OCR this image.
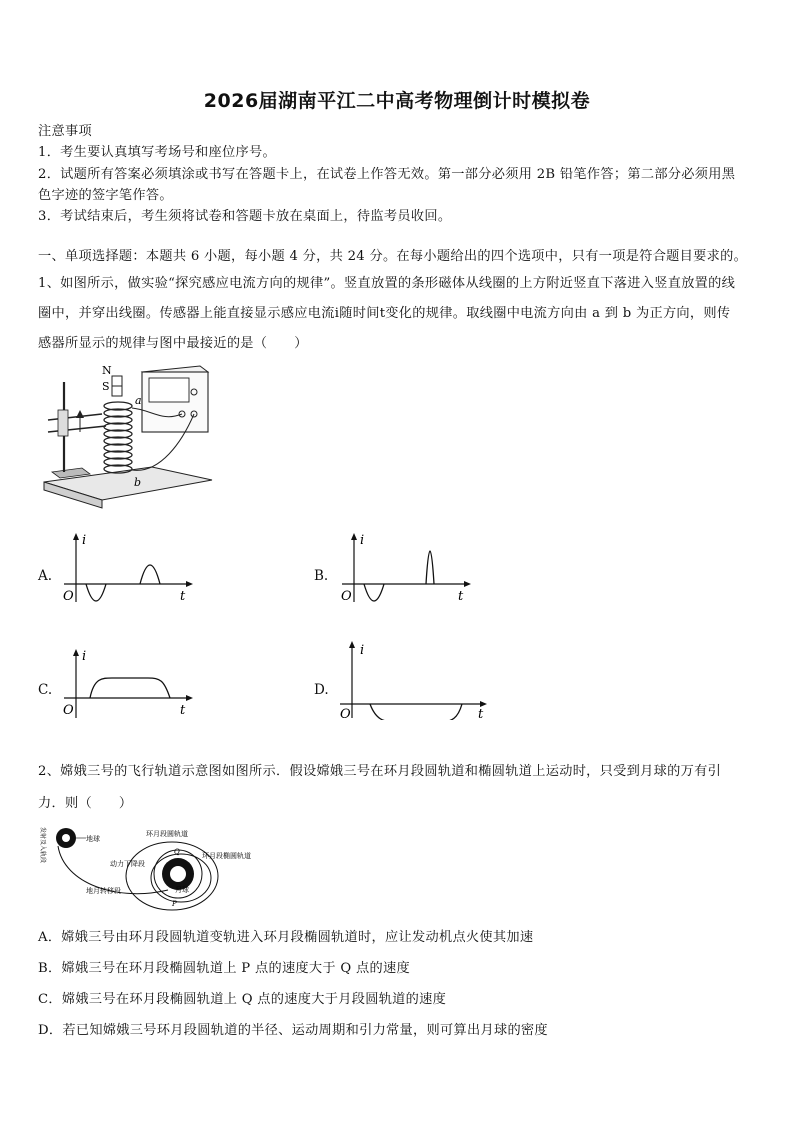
2026届湖南平江二中高考物理倒计时模拟卷
注意事项
1．考生要认真填写考场号和座位序号。
2．试题所有答案必须填涂或书写在答题卡上，在试卷上作答无效。第一部分必须用 2B 铅笔作答；第二部分必须用黑
色字迹的签字笔作答。
3．考试结束后，考生须将试卷和答题卡放在桌面上，待监考员收回。
一、单项选择题：本题共 6 小题，每小题 4 分，共 24 分。在每小题给出的四个选项中，只有一项是符合题目要求的。
1、如图所示，做实验“探究感应电流方向的规律”。竖直放置的条形磁体从线圈的上方附近竖直下落进入竖直放置的线
圈中，并穿出线圈。传感器上能直接显示感应电流i随时间t变化的规律。取线圈中电流方向由 a 到 b 为正方向，则传
感器所显示的规律与图中最接近的是（　　）
N
S
a
b
A.
i
t
O
B.
i
t
O
C.
i
t
O
D.
i
t
O
2、嫦娥三号的飞行轨道示意图如图所示．假设嫦娥三号在环月段圆轨道和椭圆轨道上运动时，只受到月球的万有引
力．则（　　）
发射及入轨段	地球
环月段圆轨道
环月段椭圆轨道
动力下降段
地月转移段	月球
Q
P
A．嫦娥三号由环月段圆轨道变轨进入环月段椭圆轨道时，应让发动机点火使其加速
B．嫦娥三号在环月段椭圆轨道上 P 点的速度大于 Q 点的速度
C．嫦娥三号在环月段椭圆轨道上 Q 点的速度大于月段圆轨道的速度
D．若已知嫦娥三号环月段圆轨道的半径、运动周期和引力常量，则可算出月球的密度
